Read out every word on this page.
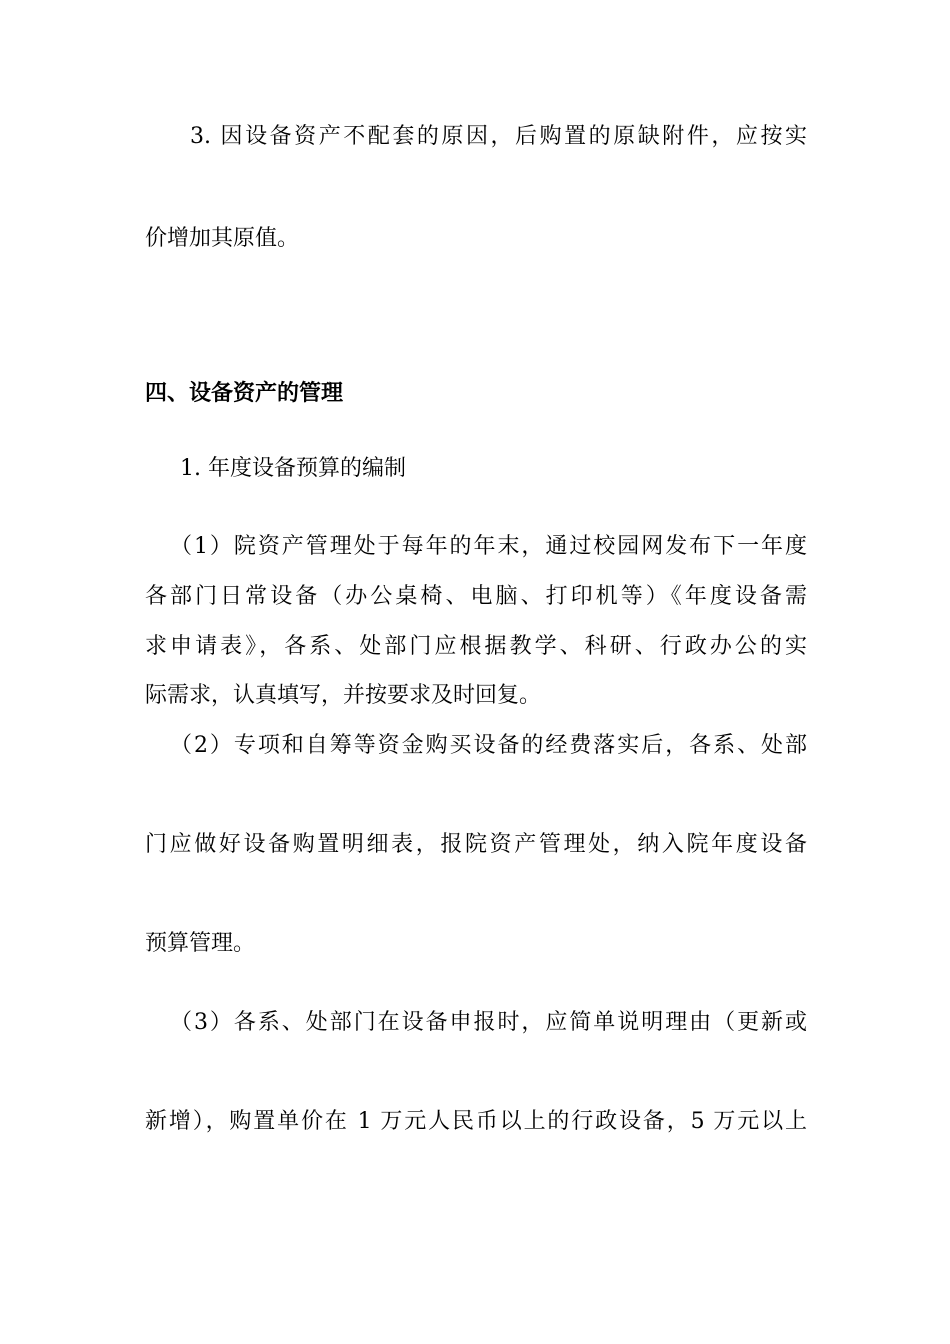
3. 因设备资产不配套的原因，后购置的原缺附件，应按实
价增加其原值。
四、设备资产的管理
1. 年度设备预算的编制
（1）院资产管理处于每年的年末，通过校园网发布下一年度
各部门日常设备（办公桌椅、电脑、打印机等）《年度设备需
求申请表》，各系、处部门应根据教学、科研、行政办公的实
际需求，认真填写，并按要求及时回复。
（2）专项和自筹等资金购买设备的经费落实后，各系、处部
门应做好设备购置明细表，报院资产管理处，纳入院年度设备
预算管理。
（3）各系、处部门在设备申报时，应简单说明理由（更新或
新增），购置单价在 1 万元人民币以上的行政设备，5 万元以上
